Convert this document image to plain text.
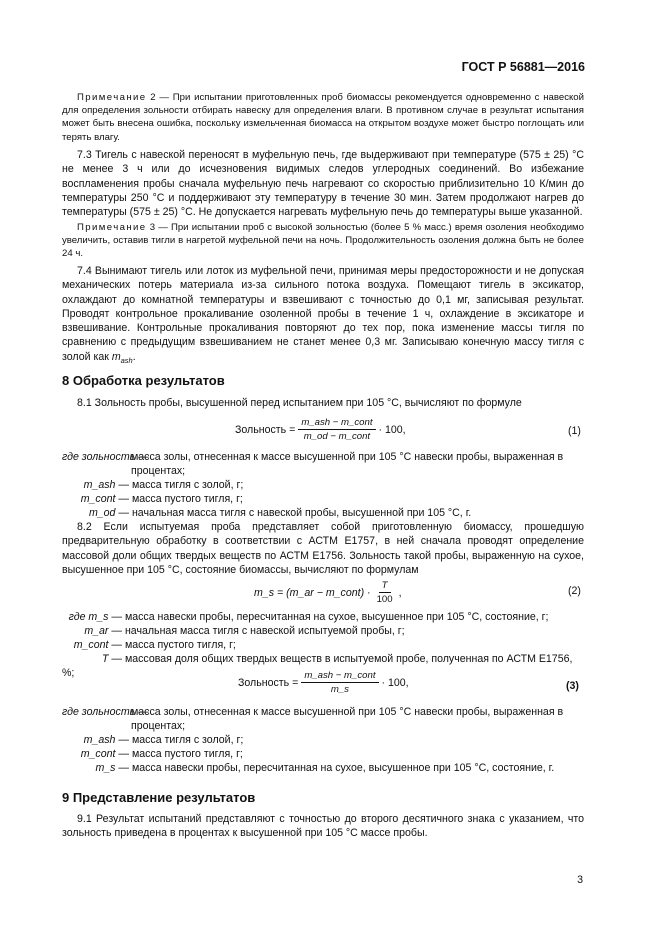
ГОСТ Р 56881—2016
Примечание 2 — При испытании приготовленных проб биомассы рекомендуется одновременно с навеской для определения зольности отбирать навеску для определения влаги. В противном случае в результат испытания может быть внесена ошибка, поскольку измельченная биомасса на открытом воздухе может быстро поглощать или терять влагу.
7.3 Тигель с навеской переносят в муфельную печь, где выдерживают при температуре (575 ± 25) °С не менее 3 ч или до исчезновения видимых следов углеродных соединений. Во избежание воспламенения пробы сначала муфельную печь нагревают со скоростью приблизительно 10 К/мин до температуры 250 °С и поддерживают эту температуру в течение 30 мин. Затем продолжают нагрев до температуры (575 ± 25) °С. Не допускается нагревать муфельную печь до температуры выше указанной.
Примечание 3 — При испытании проб с высокой зольностью (более 5 % масс.) время озоления необходимо увеличить, оставив тигли в нагретой муфельной печи на ночь. Продолжительность озоления должна быть не более 24 ч.
7.4 Вынимают тигель или лоток из муфельной печи, принимая меры предосторожности и не допуская механических потерь материала из-за сильного потока воздуха. Помещают тигель в эксикатор, охлаждают до комнатной температуры и взвешивают с точностью до 0,1 мг, записывая результат. Проводят контрольное прокаливание озоленной пробы в течение 1 ч, охлаждение в эксикаторе и взвешивание. Контрольные прокаливания повторяют до тех пор, пока изменение массы тигля по сравнению с предыдущим взвешиванием не станет менее 0,3 мг. Записываю конечную массу тигля с золой как $m_{ash}$.
8 Обработка результатов
8.1 Зольность пробы, высушенной перед испытанием при 105 °С, вычисляют по формуле
Зольность = $\frac{\text{m\_ash − m\_cont}}{\text{m\_od − m\_cont}} \cdot 100$,	(1)
где зольность —
масса золы, отнесенная к массе высушенной при 105 °С навески пробы, выраженная в процентах;
m_ash — масса тигля с золой, г;
m_cont — масса пустого тигля, г;
m_od — начальная масса тигля с навеской пробы, высушенной при 105 °С, г.
8.2 Если испытуемая проба представляет собой приготовленную биомассу, прошедшую предварительную обработку в соответствии с АСТМ Е1757, в ней сначала проводят определение массовой доли общих твердых веществ по АСТМ Е1756. Зольность такой пробы, выраженную на сухое, высушенное при 105 °С, состояние биомассы, вычисляют по формулам
m_s = (m_ar − m_cont) · $\frac{T}{100}$ ,	(2)
где m_s — масса навески пробы, пересчитанная на сухое, высушенное при 105 °С, состояние, г;
m_ar — начальная масса тигля с навеской испытуемой пробы, г;
m_cont — масса пустого тигля, г;
T — массовая доля общих твердых веществ в испытуемой пробе, полученная по АСТМ Е1756, %;
Зольность = $\frac{\text{m\_ash − m\_cont}}{m\_s} \cdot 100$,	(3)
где зольность —
масса золы, отнесенная к массе высушенной при 105 °С навески пробы, выраженная в процентах;
m_ash — масса тигля с золой, г;
m_cont — масса пустого тигля, г;
m_s — масса навески пробы, пересчитанная на сухое, высушенное при 105 °С, состояние, г.
9 Представление результатов
9.1 Результат испытаний представляют с точностью до второго десятичного знака с указанием, что зольность приведена в процентах к высушенной при 105 °С массе пробы.
3
